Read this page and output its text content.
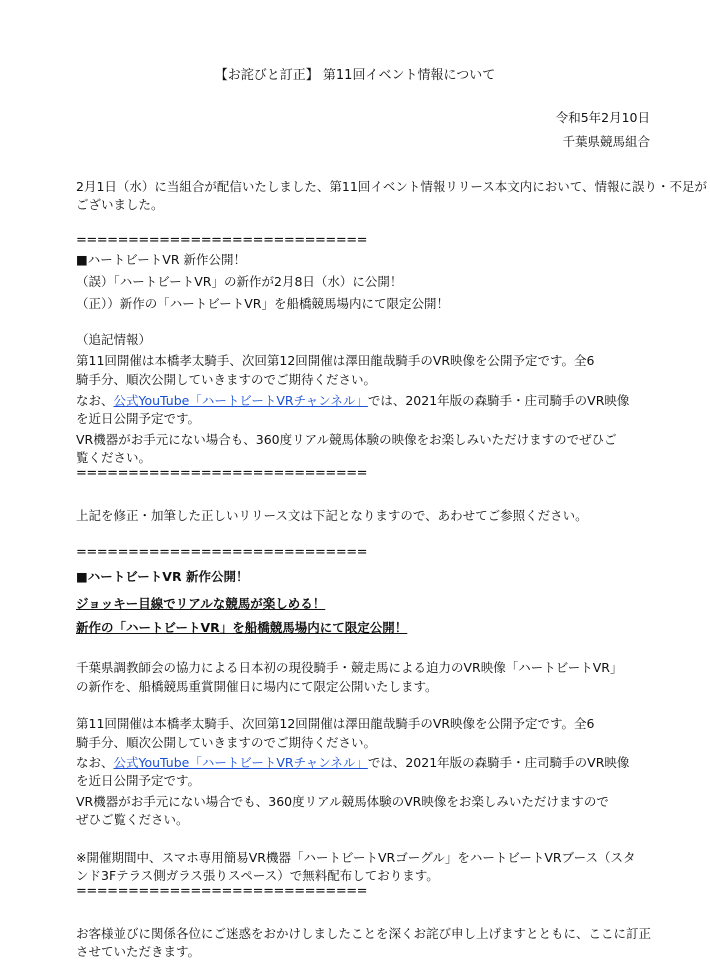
【お詫びと訂正】 第11回イベント情報について
令和5年2月10日
千葉県競馬組合

2月1日（水）に当組合が配信いたしました、第11回イベント情報リリース本文内において、情報に誤り・不足が

ございました。

============================

■ハートビートVR 新作公開！

（誤）「ハートビートVR」の新作が2月8日（水）に公開！

（正））新作の「ハートビートVR」を船橋競馬場内にて限定公開！

（追記情報）

第11回開催は本橋孝太騎手、次回第12回開催は澤田龍哉騎手のVR映像を公開予定です。全6

騎手分、順次公開していきますのでご期待ください。

なお、公式YouTube「ハートビートVRチャンネル」では、2021年版の森騎手・庄司騎手のVR映像

を近日公開予定です。

VR機器がお手元にない場合も、360度リアル競馬体験の映像をお楽しみいただけますのでぜひご

覧ください。

============================

上記を修正・加筆した正しいリリース文は下記となりますので、あわせてご参照ください。

============================

■ハートビートVR 新作公開！

ジョッキー目線でリアルな競馬が楽しめる！

新作の「ハートビートVR」を船橋競馬場内にて限定公開！

千葉県調教師会の協力による日本初の現役騎手・競走馬による迫力のVR映像「ハートビートVR」

の新作を、船橋競馬重賞開催日に場内にて限定公開いたします。

第11回開催は本橋孝太騎手、次回第12回開催は澤田龍哉騎手のVR映像を公開予定です。全6

騎手分、順次公開していきますのでご期待ください。

なお、公式YouTube「ハートビートVRチャンネル」では、2021年版の森騎手・庄司騎手のVR映像

を近日公開予定です。

VR機器がお手元にない場合でも、360度リアル競馬体験のVR映像をお楽しみいただけますので

ぜひご覧ください。

※開催期間中、スマホ専用簡易VR機器「ハートビートVRゴーグル」をハートビートVRブース（スタ

ンド3Fテラス側ガラス張りスペース）で無料配布しております。

============================

お客様並びに関係各位にご迷惑をおかけしましたことを深くお詫び申し上げますとともに、ここに訂正

させていただきます。
